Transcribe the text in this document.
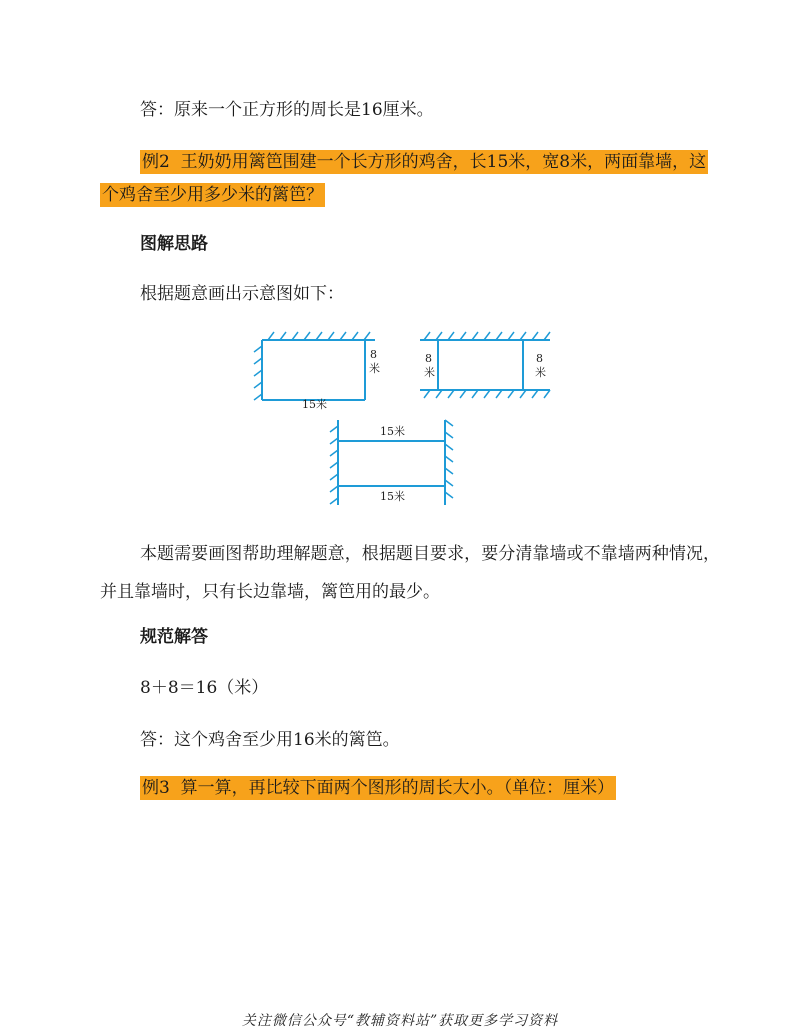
答：原来一个正方形的周长是16厘米。
例2 王奶奶用篱笆围建一个长方形的鸡舍，长15米，宽8米，两面靠墙，这个鸡舍至少用多少米的篱笆？
图解思路
根据题意画出示意图如下：
8
米
15米
8
米
8
米
15米
15米
本题需要画图帮助理解题意，根据题目要求，要分清靠墙或不靠墙两种情况，并且靠墙时，只有长边靠墙，篱笆用的最少。
规范解答
8＋8＝16（米）
答：这个鸡舍至少用16米的篱笆。
例3 算一算，再比较下面两个图形的周长大小。（单位：厘米）
关注微信公众号“教辅资料站”获取更多学习资料
